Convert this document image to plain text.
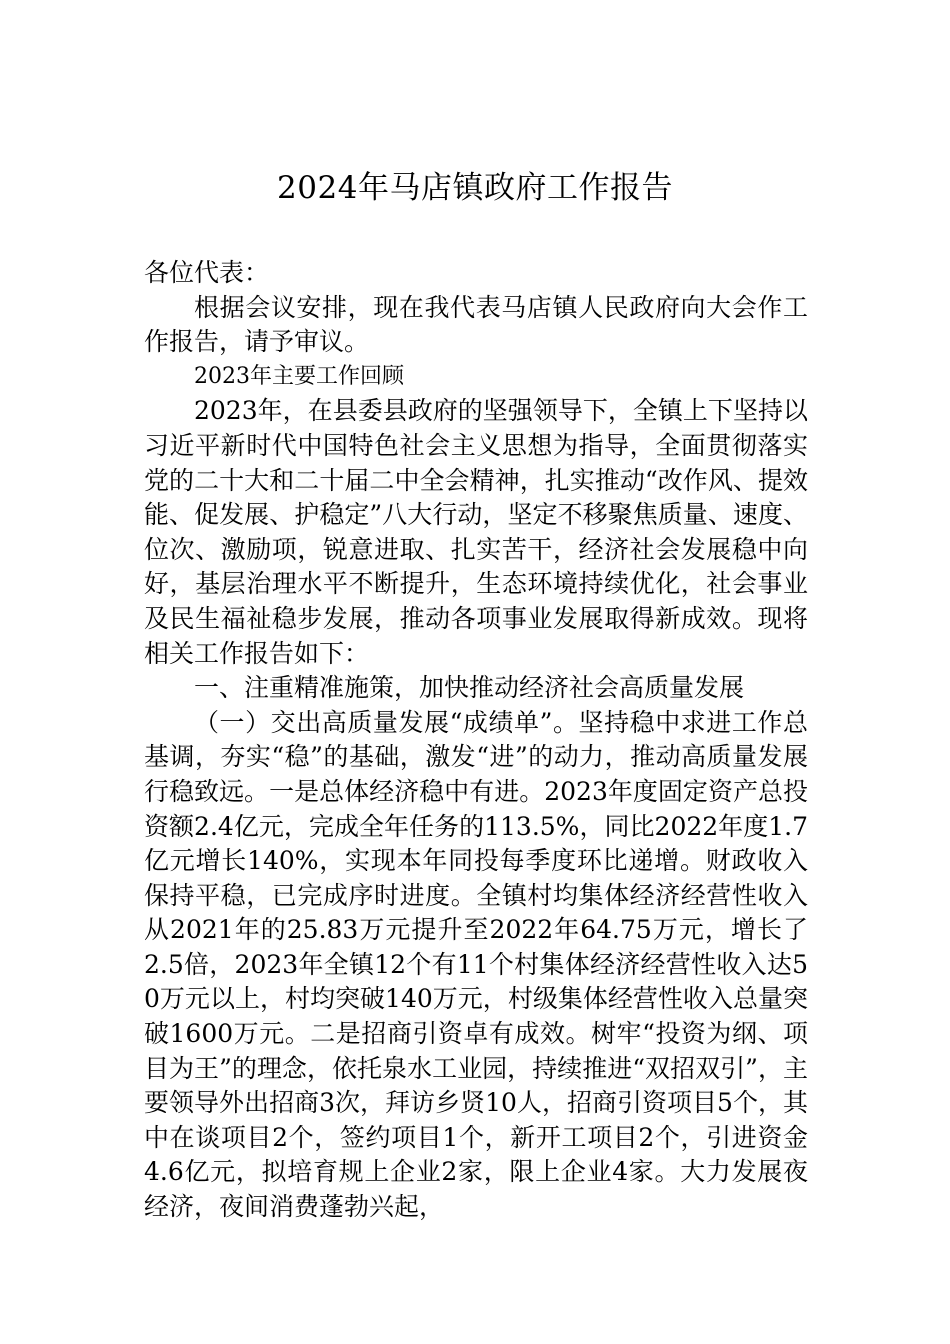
2024年马店镇政府工作报告

各位代表：

根据会议安排，现在我代表马店镇人民政府向大会作工作报告，请予审议。

2023年主要工作回顾

2023年，在县委县政府的坚强领导下，全镇上下坚持以习近平新时代中国特色社会主义思想为指导，全面贯彻落实党的二十大和二十届二中全会精神，扎实推动“改作风、提效能、促发展、护稳定”八大行动，坚定不移聚焦质量、速度、位次、激励项，锐意进取、扎实苦干，经济社会发展稳中向好，基层治理水平不断提升，生态环境持续优化，社会事业及民生福祉稳步发展，推动各项事业发展取得新成效。现将相关工作报告如下：

一、注重精准施策，加快推动经济社会高质量发展

（一）交出高质量发展“成绩单”。坚持稳中求进工作总基调，夯实“稳”的基础，激发“进”的动力，推动高质量发展行稳致远。一是总体经济稳中有进。2023年度固定资产总投资额2.4亿元，完成全年任务的113.5%，同比2022年度1.7亿元增长140%，实现本年同投每季度环比递增。财政收入保持平稳，已完成序时进度。全镇村均集体经济经营性收入从2021年的25.83万元提升至2022年64.75万元，增长了2.5倍，2023年全镇12个有11个村集体经济经营性收入达50万元以上，村均突破140万元，村级集体经营性收入总量突破1600万元。二是招商引资卓有成效。树牢“投资为纲、项目为王”的理念，依托泉水工业园，持续推进“双招双引”，主要领导外出招商3次，拜访乡贤10人，招商引资项目5个，其中在谈项目2个，签约项目1个，新开工项目2个，引进资金4.6亿元，拟培育规上企业2家，限上企业4家。大力发展夜经济，夜间消费蓬勃兴起，
